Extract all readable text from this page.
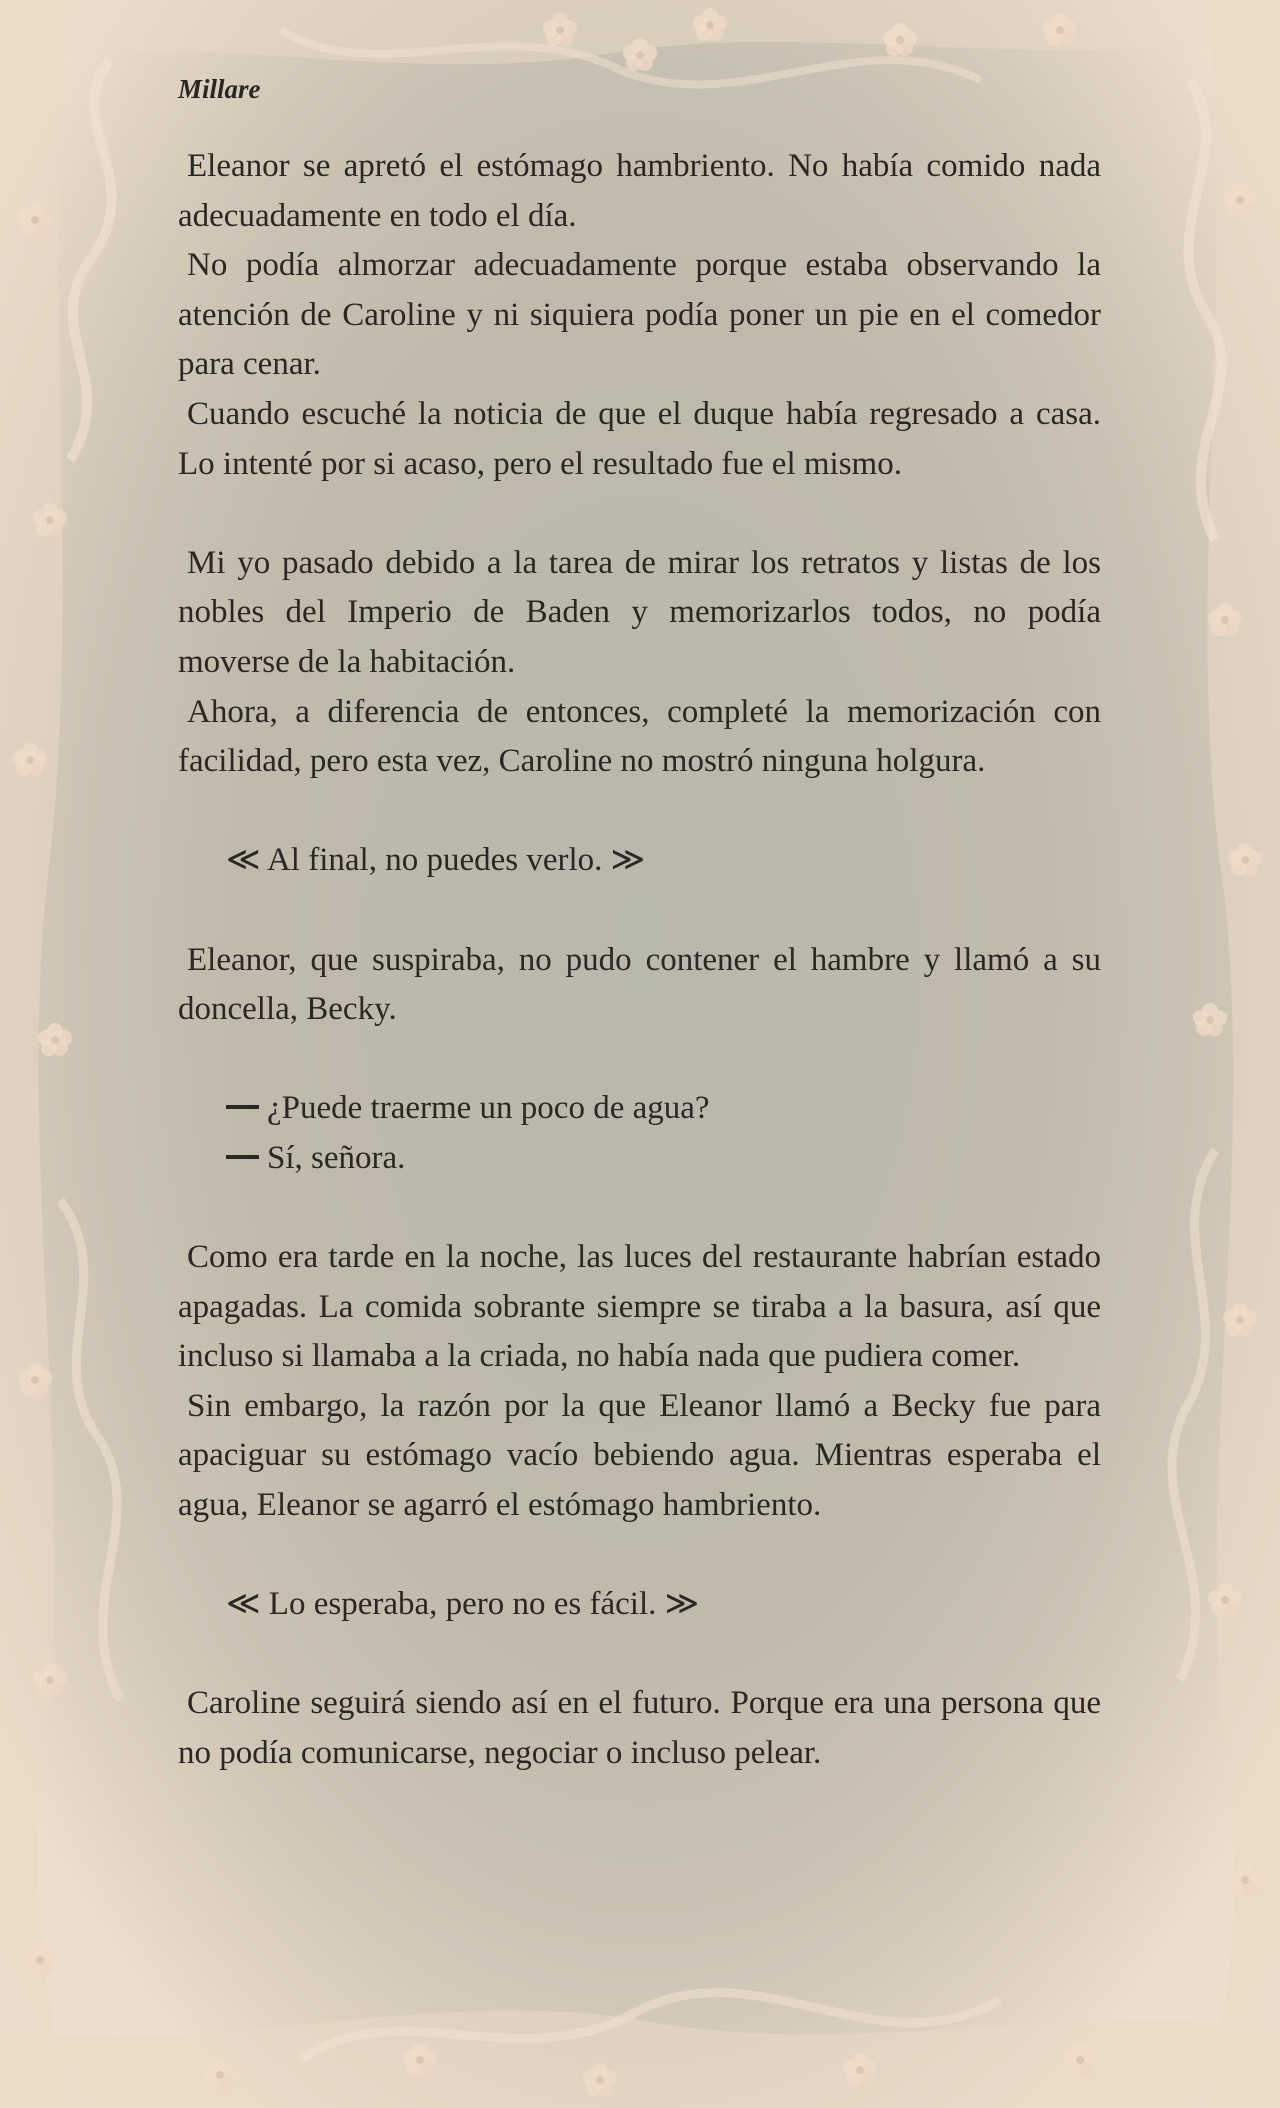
Millare

Eleanor se apretó el estómago hambriento. No había comido nada adecuadamente en todo el día.

No podía almorzar adecuadamente porque estaba observando la atención de Caroline y ni siquiera podía poner un pie en el comedor para cenar.

Cuando escuché la noticia de que el duque había regresado a casa. Lo intenté por si acaso, pero el resultado fue el mismo.

Mi yo pasado debido a la tarea de mirar los retratos y listas de los nobles del Imperio de Baden y memorizarlos todos, no podía moverse de la habitación.

Ahora, a diferencia de entonces, completé la memorización con facilidad, pero esta vez, Caroline no mostró ninguna holgura.

≪ Al final, no puedes verlo. ≫

Eleanor, que suspiraba, no pudo contener el hambre y llamó a su doncella, Becky.

¿Puede traerme un poco de agua?

Sí, señora.

Como era tarde en la noche, las luces del restaurante habrían estado apagadas. La comida sobrante siempre se tiraba a la basura, así que incluso si llamaba a la criada, no había nada que pudiera comer.

Sin embargo, la razón por la que Eleanor llamó a Becky fue para apaciguar su estómago vacío bebiendo agua. Mientras esperaba el agua, Eleanor se agarró el estómago hambriento.

≪ Lo esperaba, pero no es fácil. ≫

Caroline seguirá siendo así en el futuro. Porque era una persona que no podía comunicarse, negociar o incluso pelear.
